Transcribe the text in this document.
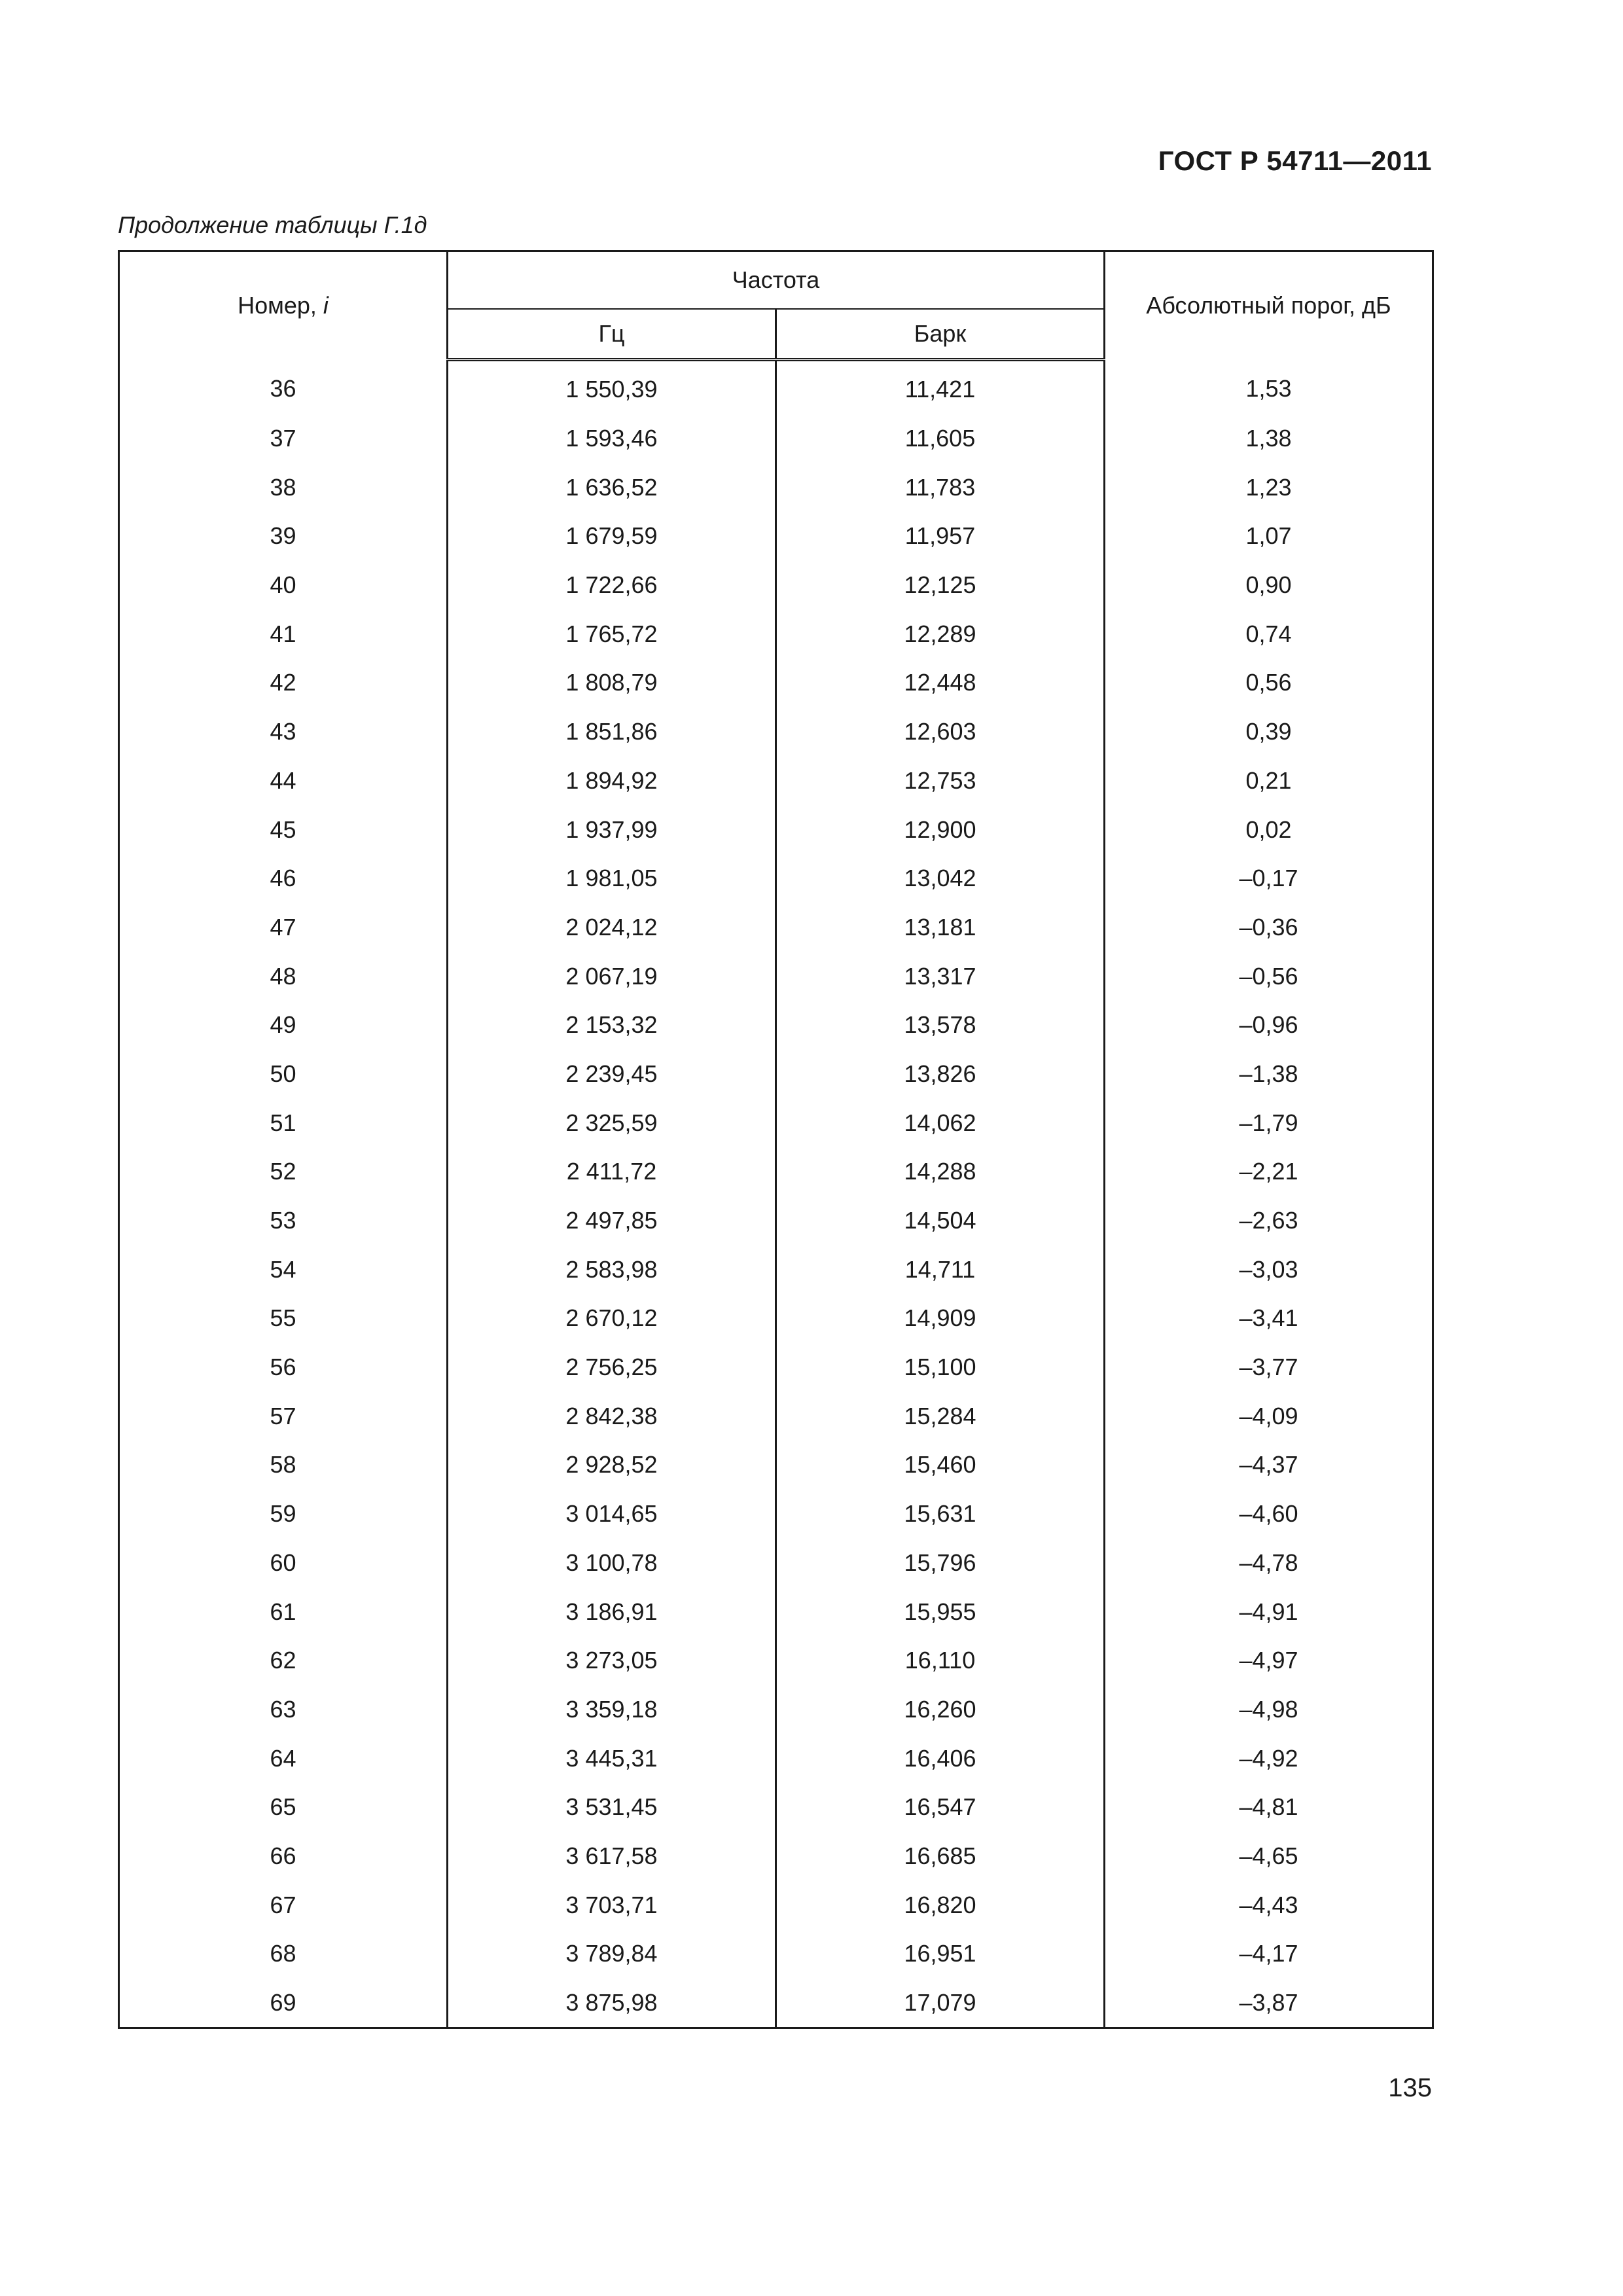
ГОСТ Р 54711—2011
Продолжение таблицы Г.1д
Номер, i	Частота		Абсолютный порог, дБ
	Гц	Барк	
36	1 550,39	11,421	1,53
37	1 593,46	11,605	1,38
38	1 636,52	11,783	1,23
39	1 679,59	11,957	1,07
40	1 722,66	12,125	0,90
41	1 765,72	12,289	0,74
42	1 808,79	12,448	0,56
43	1 851,86	12,603	0,39
44	1 894,92	12,753	0,21
45	1 937,99	12,900	0,02
46	1 981,05	13,042	–0,17
47	2 024,12	13,181	–0,36
48	2 067,19	13,317	–0,56
49	2 153,32	13,578	–0,96
50	2 239,45	13,826	–1,38
51	2 325,59	14,062	–1,79
52	2 411,72	14,288	–2,21
53	2 497,85	14,504	–2,63
54	2 583,98	14,711	–3,03
55	2 670,12	14,909	–3,41
56	2 756,25	15,100	–3,77
57	2 842,38	15,284	–4,09
58	2 928,52	15,460	–4,37
59	3 014,65	15,631	–4,60
60	3 100,78	15,796	–4,78
61	3 186,91	15,955	–4,91
62	3 273,05	16,110	–4,97
63	3 359,18	16,260	–4,98
64	3 445,31	16,406	–4,92
65	3 531,45	16,547	–4,81
66	3 617,58	16,685	–4,65
67	3 703,71	16,820	–4,43
68	3 789,84	16,951	–4,17
69	3 875,98	17,079	–3,87
135
